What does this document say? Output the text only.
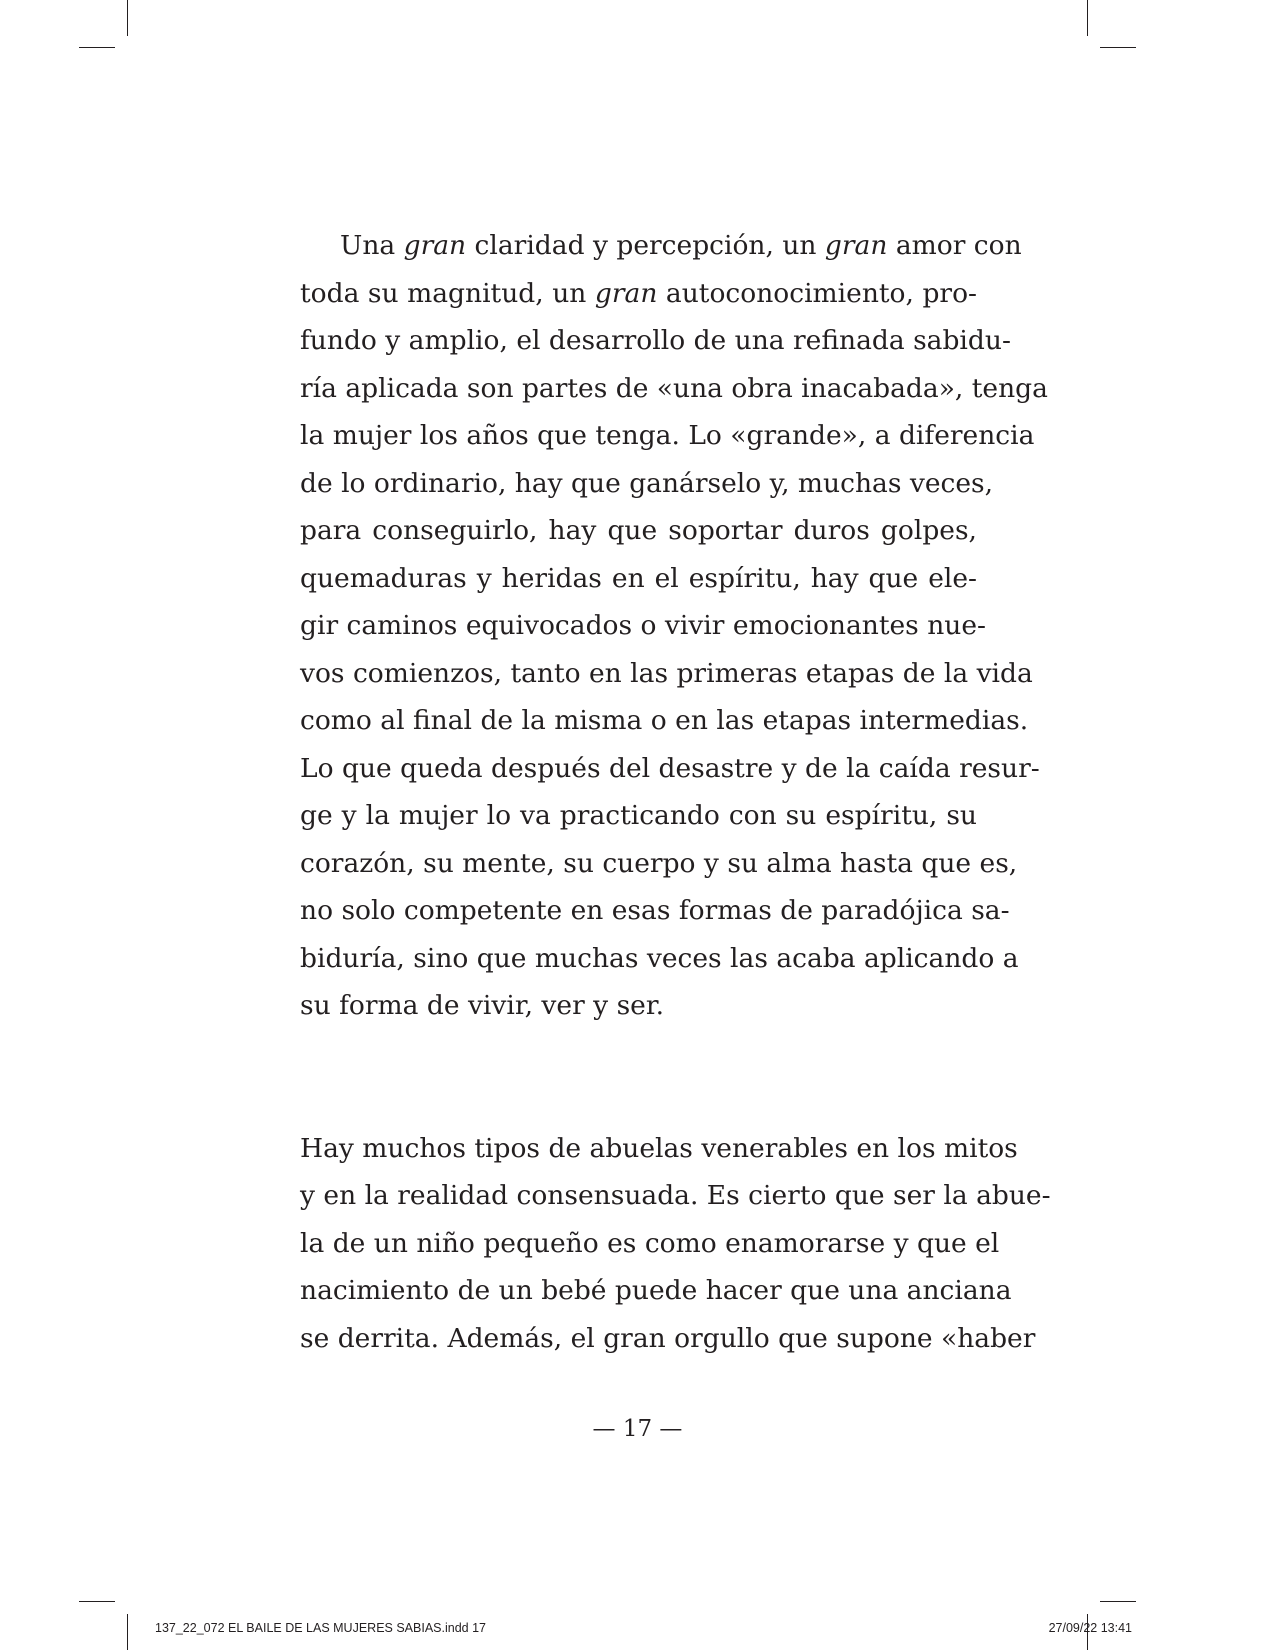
Una gran claridad y percepción, un gran amor con
toda su magnitud, un gran autoconocimiento, pro-
fundo y amplio, el desarrollo de una refinada sabidu-
ría aplicada son partes de «una obra inacabada», tenga
la mujer los años que tenga. Lo «grande», a diferencia
de lo ordinario, hay que ganárselo y, muchas veces,
para conseguirlo, hay que soportar duros golpes,
quemaduras y heridas en el espíritu, hay que ele-
gir caminos equivocados o vivir emocionantes nue-
vos comienzos, tanto en las primeras etapas de la vida
como al final de la misma o en las etapas intermedias.
Lo que queda después del desastre y de la caída resur-
ge y la mujer lo va practicando con su espíritu, su
corazón, su mente, su cuerpo y su alma hasta que es,
no solo competente en esas formas de paradójica sa-
biduría, sino que muchas veces las acaba aplicando a
su forma de vivir, ver y ser.
Hay muchos tipos de abuelas venerables en los mitos
y en la realidad consensuada. Es cierto que ser la abue-
la de un niño pequeño es como enamorarse y que el
nacimiento de un bebé puede hacer que una anciana
se derrita. Además, el gran orgullo que supone «haber
— 17 —
137_22_072 EL BAILE DE LAS MUJERES SABIAS.indd 17	27/09/22 13:41
